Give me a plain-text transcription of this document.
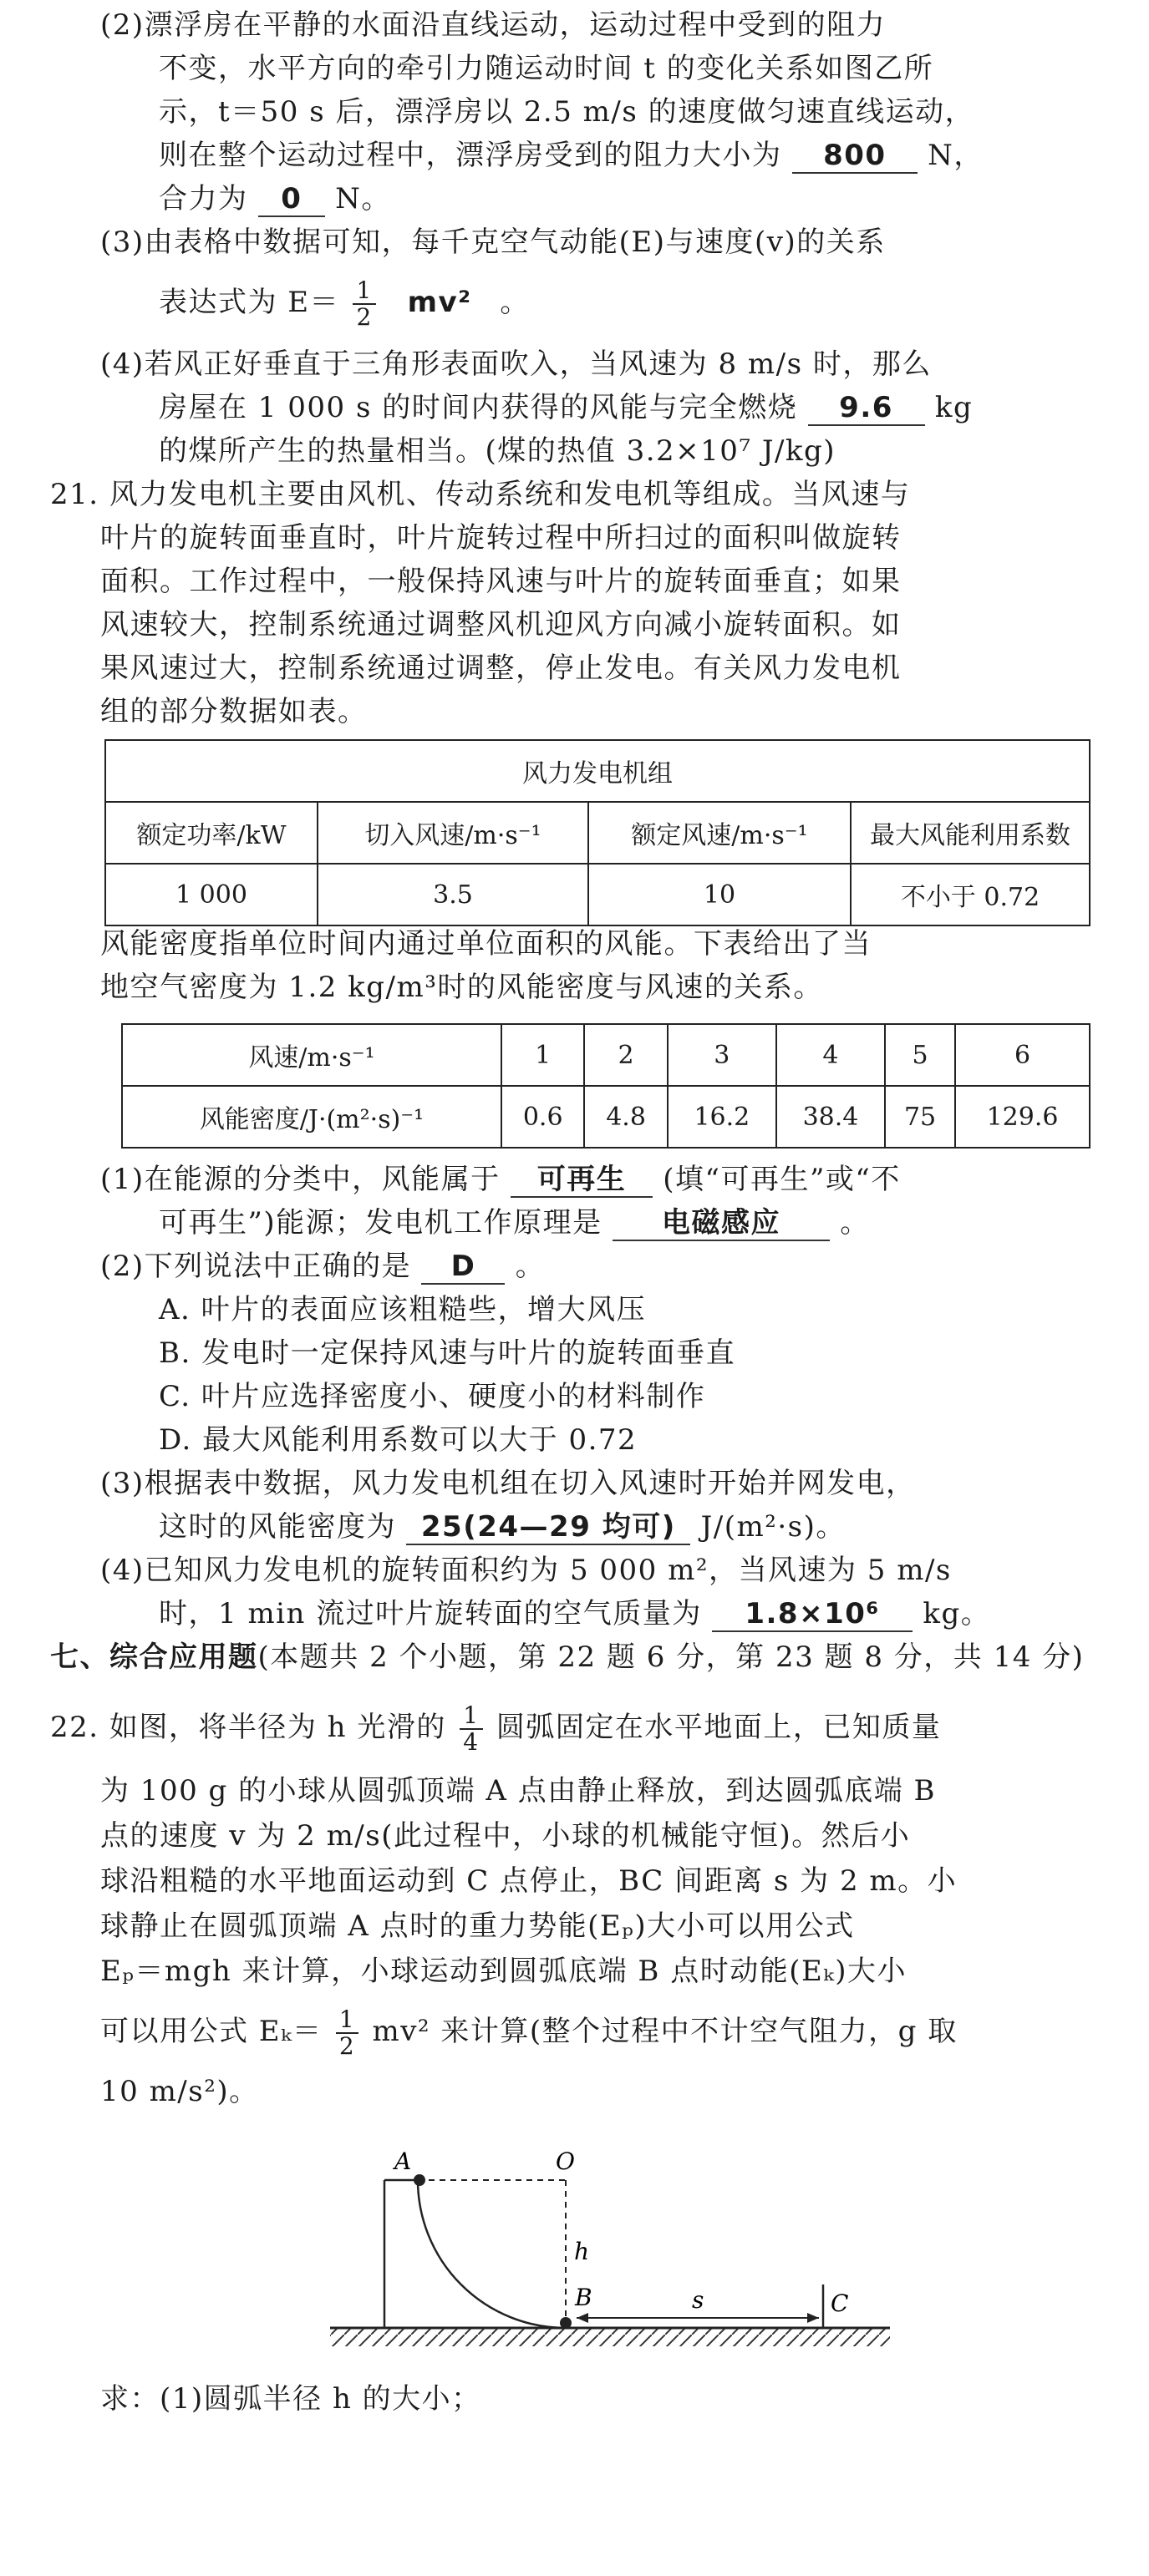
(2)漂浮房在平静的水面沿直线运动，运动过程中受到的阻力
不变，水平方向的牵引力随运动时间 t 的变化关系如图乙所
示，t＝50 s 后，漂浮房以 2.5 m/s 的速度做匀速直线运动，
则在整个运动过程中，漂浮房受到的阻力大小为 800 N，
合力为 0 N。
(3)由表格中数据可知，每千克空气动能(E)与速度(v)的关系
表达式为 $E= \frac{1}{2} mv^2$ 。
(4)若风正好垂直于三角形表面吹入，当风速为 8 m/s 时，那么
房屋在 1 000 s 的时间内获得的风能与完全燃烧 9.6 kg
的煤所产生的热量相当。(煤的热值 3.2×10⁷ J/kg)
21. 风力发电机主要由风机、传动系统和发电机等组成。当风速与
叶片的旋转面垂直时，叶片旋转过程中所扫过的面积叫做旋转
面积。工作过程中，一般保持风速与叶片的旋转面垂直；如果
风速较大，控制系统通过调整风机迎风方向减小旋转面积。如
果风速过大，控制系统通过调整，停止发电。有关风力发电机
组的部分数据如表。
风力发电机组			
额定功率/kW	切入风速/m·s⁻¹	额定风速/m·s⁻¹	最大风能利用系数
1 000	3.5	10	不小于 0.72
风能密度指单位时间内通过单位面积的风能。下表给出了当
地空气密度为 1.2 kg/m³时的风能密度与风速的关系。
风速/m·s⁻¹	1	2	3	4	5	6
风能密度/J·(m²·s)⁻¹	0.6	4.8	16.2	38.4	75	129.6
(1)在能源的分类中，风能属于 可再生 (填“可再生”或“不
可再生”)能源；发电机工作原理是 电磁感应 。
(2)下列说法中正确的是 D 。
A. 叶片的表面应该粗糙些，增大风压
B. 发电时一定保持风速与叶片的旋转面垂直
C. 叶片应选择密度小、硬度小的材料制作
D. 最大风能利用系数可以大于 0.72
(3)根据表中数据，风力发电机组在切入风速时开始并网发电，
这时的风能密度为 25(24—29 均可) J/(m²·s)。
(4)已知风力发电机的旋转面积约为 5 000 m²，当风速为 5 m/s
时，1 min 流过叶片旋转面的空气质量为 1.8×10⁶ kg。
七、综合应用题(本题共 2 个小题，第 22 题 6 分，第 23 题 8 分，共 14 分)
22. 如图，将半径为 h 光滑的 $\frac{1}{4}$ 圆弧固定在水平地面上，已知质量
为 100 g 的小球从圆弧顶端 A 点由静止释放，到达圆弧底端 B
点的速度 v 为 2 m/s(此过程中，小球的机械能守恒)。然后小
球沿粗糙的水平地面运动到 C 点停止，BC 间距离 s 为 2 m。小
球静止在圆弧顶端 A 点时的重力势能(Eₚ)大小可以用公式
Eₚ＝mgh 来计算，小球运动到圆弧底端 B 点时动能(Eₖ)大小
可以用公式 $E_k= \frac{1}{2} mv^2$ 来计算(整个过程中不计空气阻力，g 取
10 m/s²)。
A	O
h
B	s	C
求：(1)圆弧半径 h 的大小；
